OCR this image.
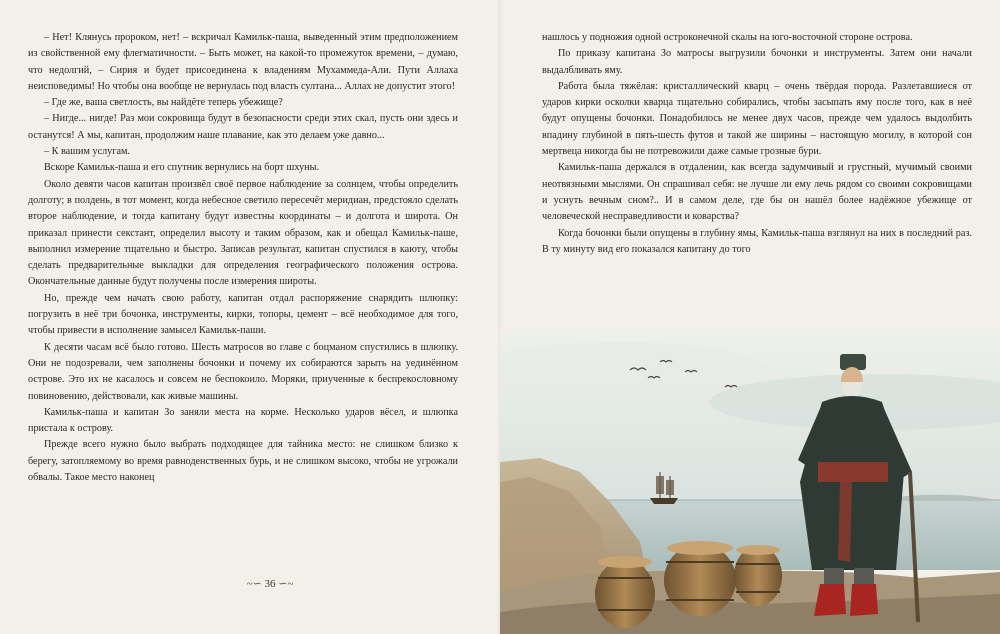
– Нет! Клянусь пророком, нет! – вскричал Камильк-паша, выведенный этим предположением из свойственной ему флегматичности. – Быть может, на какой-то промежуток времени, – думаю, что недолгий, – Сирия и будет присоединена к владениям Мухаммеда-Али. Пути Аллаха неисповедимы! Но чтобы она вообще не вернулась под власть султана... Аллах не допустит этого!

– Где же, ваша светлость, вы найдёте теперь убежище?

– Нигде... нигде! Раз мои сокровища будут в безопасности среди этих скал, пусть они здесь и останутся! А мы, капитан, продолжим наше плавание, как это делаем уже давно...

– К вашим услугам.

Вскоре Камильк-паша и его спутник вернулись на борт шхуны.

Около девяти часов капитан произвёл своё первое наблюдение за солнцем, чтобы определить долготу; в полдень, в тот момент, когда небесное светило пересечёт меридиан, предстояло сделать второе наблюдение, и тогда капитану будут известны координаты – и долгота и широта. Он приказал принести секстант, определил высоту и таким образом, как и обещал Камильк-паше, выполнил измерение тщательно и быстро. Записав результат, капитан спустился в каюту, чтобы сделать предварительные выкладки для определения географического положения острова. Окончательные данные будут получены после измерения широты.

Но, прежде чем начать свою работу, капитан отдал распоряжение снарядить шлюпку: погрузить в неё три бочонка, инструменты, кирки, топоры, цемент – всё необходимое для того, чтобы привести в исполнение замысел Камильк-паши.

К десяти часам всё было готово. Шесть матросов во главе с боцманом спустились в шлюпку. Они не подозревали, чем заполнены бочонки и почему их собираются зарыть на уединённом острове. Это их не касалось и совсем не беспокоило. Моряки, приученные к беспрекословному повиновению, действовали, как живые машины.

Камильк-паша и капитан Зо заняли места на корме. Несколько ударов вёсел, и шлюпка пристала к острову.

Прежде всего нужно было выбрать подходящее для тайника место: не слишком близко к берегу, затопляемому во время равноденственных бурь, и не слишком высоко, чтобы не угрожали обвалы. Такое место наконец

~∽ 36 ∽~

нашлось у подножия одной остроконечной скалы на юго-восточной стороне острова.

По приказу капитана Зо матросы выгрузили бочонки и инструменты. Затем они начали выдалбливать яму.

Работа была тяжёлая: кристаллический кварц – очень твёрдая порода. Разлетавшиеся от ударов кирки осколки кварца тщательно собирались, чтобы засыпать яму после того, как в неё будут опущены бочонки. Понадобилось не менее двух часов, прежде чем удалось выдолбить впадину глубиной в пять-шесть футов и такой же ширины – настоящую могилу, в которой сон мертвеца никогда бы не потревожили даже самые грозные бури.

Камильк-паша держался в отдалении, как всегда задумчивый и грустный, мучимый своими неотвязными мыслями. Он спрашивал себя: не лучше ли ему лечь рядом со своими сокровищами и уснуть вечным сном?.. И в самом деле, где бы он нашёл более надёжное убежище от человеческой несправедливости и коварства?

Когда бочонки были опущены в глубину ямы, Камильк-паша взглянул на них в последний раз. В ту минуту вид его показался капитану до того
